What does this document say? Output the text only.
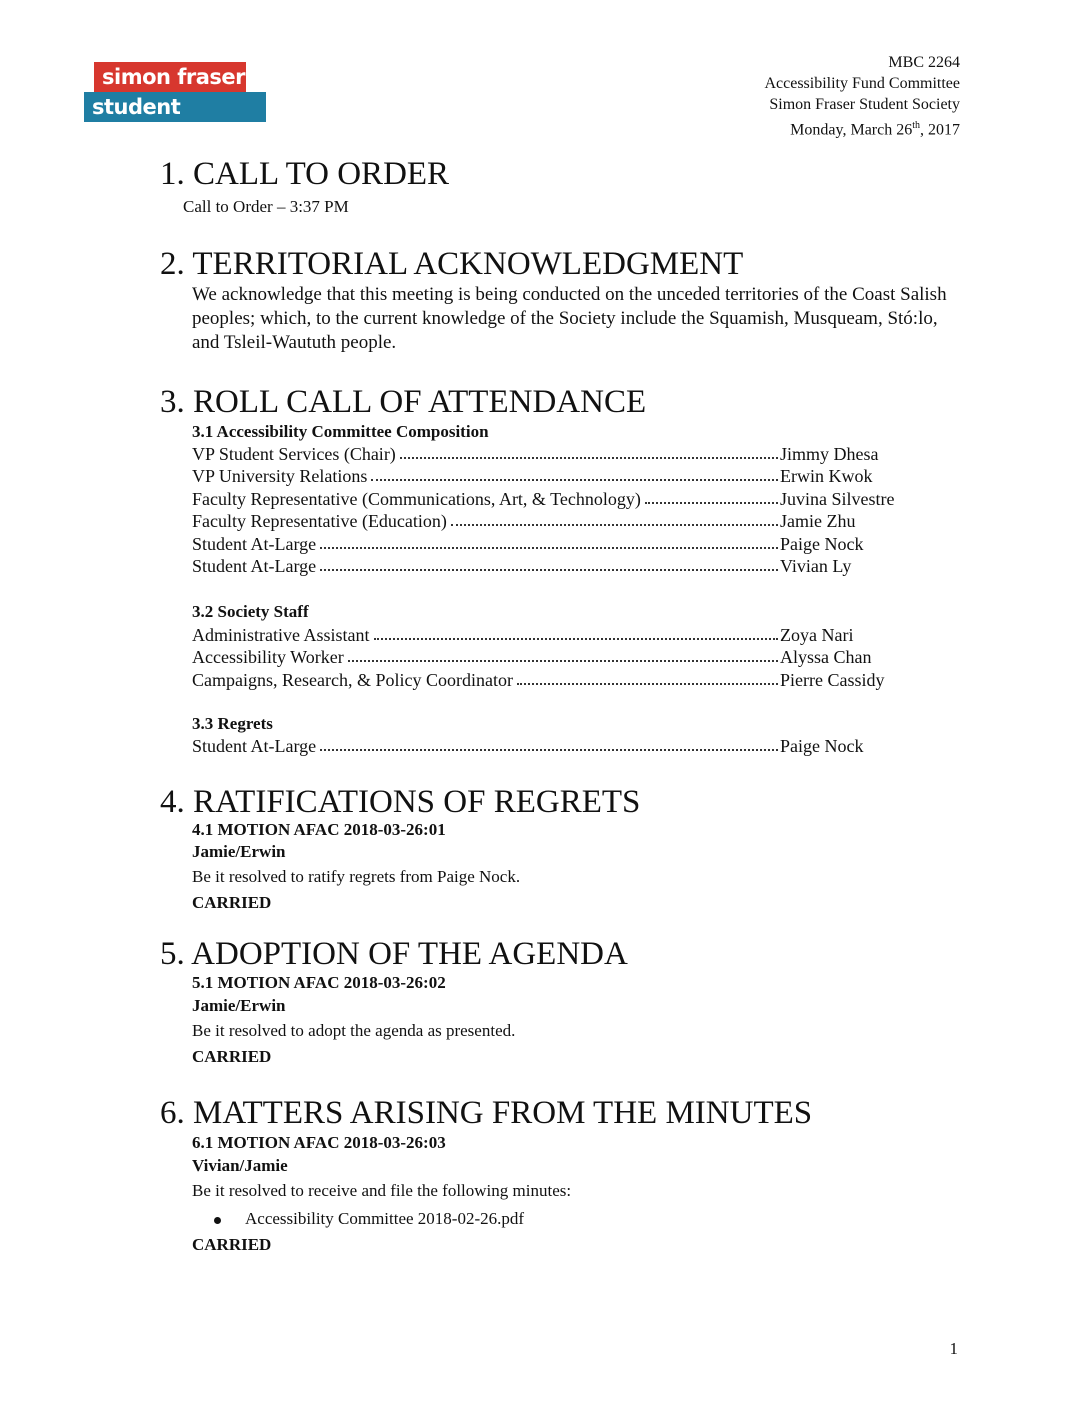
simon fraser
student society
MBC 2264
Accessibility Fund Committee
Simon Fraser Student Society
Monday, March 26th, 2017
1. CALL TO ORDER
Call to Order – 3:37 PM
2. TERRITORIAL ACKNOWLEDGMENT
We acknowledge that this meeting is being conducted on the unceded territories of the Coast Salish peoples; which, to the current knowledge of the Society include the Squamish, Musqueam, Stó:lo, and Tsleil-Waututh people.
3. ROLL CALL OF ATTENDANCE
3.1 Accessibility Committee Composition
VP Student Services (Chair)	Jimmy Dhesa
VP University Relations	Erwin Kwok
Faculty Representative (Communications, Art, & Technology)	Juvina Silvestre
Faculty Representative (Education)	Jamie Zhu
Student At-Large	Paige Nock
Student At-Large	Vivian Ly
3.2 Society Staff
Administrative Assistant	Zoya Nari
Accessibility Worker	Alyssa Chan
Campaigns, Research, & Policy Coordinator	Pierre Cassidy
3.3 Regrets
Student At-Large	Paige Nock
4. RATIFICATIONS OF REGRETS
4.1 MOTION AFAC 2018-03-26:01
Jamie/Erwin
Be it resolved to ratify regrets from Paige Nock.
CARRIED
5. ADOPTION OF THE AGENDA
5.1 MOTION AFAC 2018-03-26:02
Jamie/Erwin
Be it resolved to adopt the agenda as presented.
CARRIED
6. MATTERS ARISING FROM THE MINUTES
6.1 MOTION AFAC 2018-03-26:03
Vivian/Jamie
Be it resolved to receive and file the following minutes:
Accessibility Committee 2018-02-26.pdf
CARRIED
1
